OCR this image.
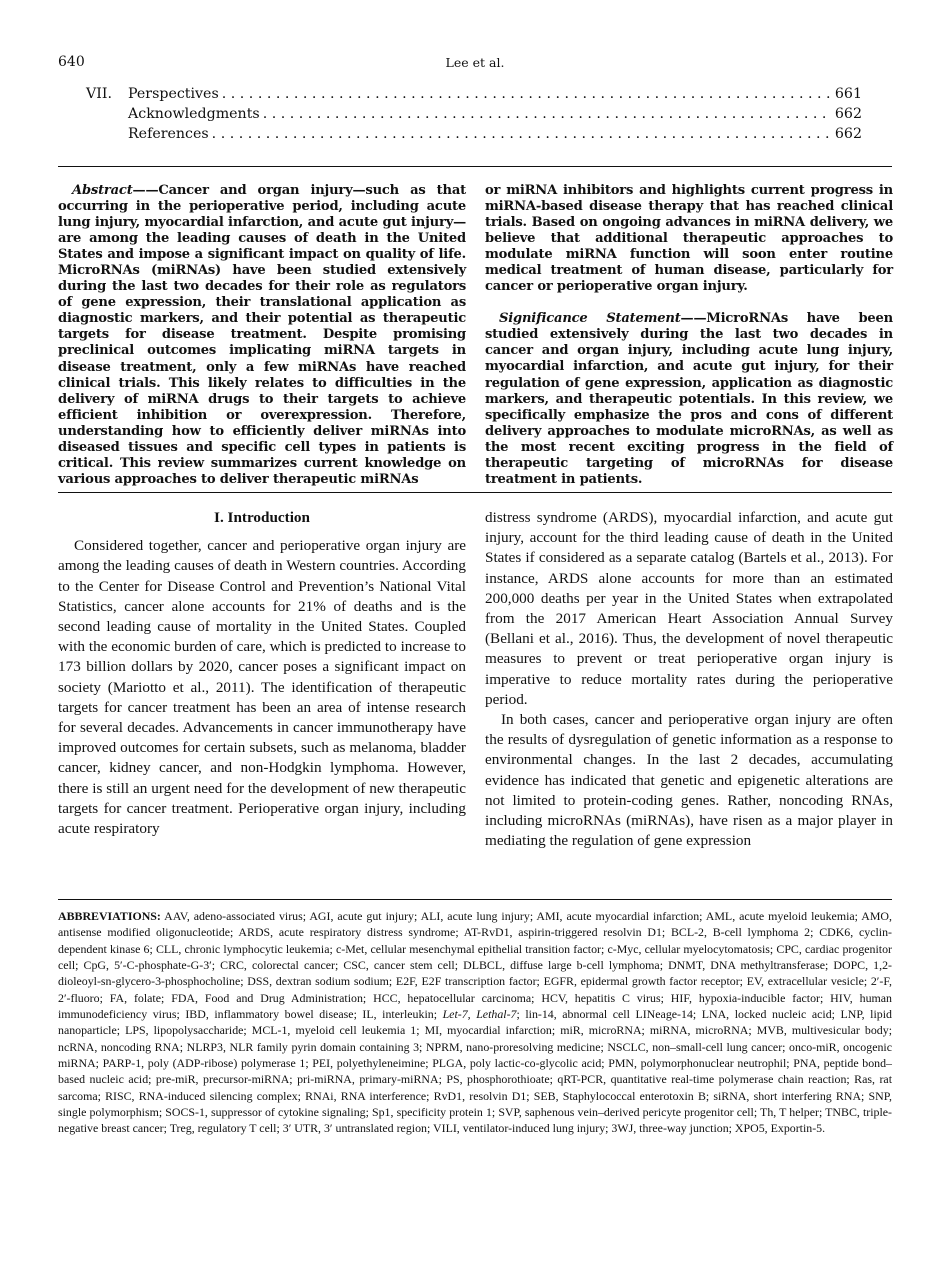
640	Lee et al.
VII.	Perspectives . . .	661
Acknowledgments . . .	662
References . . .	662

Abstract——Cancer and organ injury—such as that occurring in the perioperative period, including acute lung injury, myocardial infarction, and acute gut injury—are among the leading causes of death in the United States and impose a significant impact on quality of life. MicroRNAs (miRNAs) have been studied extensively during the last two decades for their role as regulators of gene expression, their translational application as diagnostic markers, and their potential as therapeutic targets for disease treatment. Despite promising preclinical outcomes implicating miRNA targets in disease treatment, only a few miRNAs have reached clinical trials. This likely relates to difficulties in the delivery of miRNA drugs to their targets to achieve efficient inhibition or overexpression. Therefore, understanding how to efficiently deliver miRNAs into diseased tissues and specific cell types in patients is critical. This review summarizes current knowledge on various approaches to deliver therapeutic miRNAs

or miRNA inhibitors and highlights current progress in miRNA-based disease therapy that has reached clinical trials. Based on ongoing advances in miRNA delivery, we believe that additional therapeutic approaches to modulate miRNA function will soon enter routine medical treatment of human disease, particularly for cancer or perioperative organ injury.

Significance Statement——MicroRNAs have been studied extensively during the last two decades in cancer and organ injury, including acute lung injury, myocardial infarction, and acute gut injury, for their regulation of gene expression, application as diagnostic markers, and therapeutic potentials. In this review, we specifically emphasize the pros and cons of different delivery approaches to modulate microRNAs, as well as the most recent exciting progress in the field of therapeutic targeting of microRNAs for disease treatment in patients.

I. Introduction

Considered together, cancer and perioperative organ injury are among the leading causes of death in Western countries. According to the Center for Disease Control and Prevention’s National Vital Statistics, cancer alone accounts for 21% of deaths and is the second leading cause of mortality in the United States. Coupled with the economic burden of care, which is predicted to increase to 173 billion dollars by 2020, cancer poses a significant impact on society (Mariotto et al., 2011). The identification of therapeutic targets for cancer treatment has been an area of intense research for several decades. Advancements in cancer immunotherapy have improved outcomes for certain subsets, such as melanoma, bladder cancer, kidney cancer, and non-Hodgkin lymphoma. However, there is still an urgent need for the development of new therapeutic targets for cancer treatment. Perioperative organ injury, including acute respiratory

distress syndrome (ARDS), myocardial infarction, and acute gut injury, account for the third leading cause of death in the United States if considered as a separate catalog (Bartels et al., 2013). For instance, ARDS alone accounts for more than an estimated 200,000 deaths per year in the United States when extrapolated from the 2017 American Heart Association Annual Survey (Bellani et al., 2016). Thus, the development of novel therapeutic measures to prevent or treat perioperative organ injury is imperative to reduce mortality rates during the perioperative period.

In both cases, cancer and perioperative organ injury are often the results of dysregulation of genetic information as a response to environmental changes. In the last 2 decades, accumulating evidence has indicated that genetic and epigenetic alterations are not limited to protein-coding genes. Rather, noncoding RNAs, including microRNAs (miRNAs), have risen as a major player in mediating the regulation of gene expression

ABBREVIATIONS: AAV, adeno-associated virus; AGI, acute gut injury; ALI, acute lung injury; AMI, acute myocardial infarction; AML, acute myeloid leukemia; AMO, antisense modified oligonucleotide; ARDS, acute respiratory distress syndrome; AT-RvD1, aspirin-triggered resolvin D1; BCL-2, B-cell lymphoma 2; CDK6, cyclin-dependent kinase 6; CLL, chronic lymphocytic leukemia; c-Met, cellular mesenchymal epithelial transition factor; c-Myc, cellular myelocytomatosis; CPC, cardiac progenitor cell; CpG, 5′-C-phosphate-G-3′; CRC, colorectal cancer; CSC, cancer stem cell; DLBCL, diffuse large b-cell lymphoma; DNMT, DNA methyltransferase; DOPC, 1,2-dioleoyl-sn-glycero-3-phosphocholine; DSS, dextran sodium sodium; E2F, E2F transcription factor; EGFR, epidermal growth factor receptor; EV, extracellular vesicle; 2′-F, 2′-fluoro; FA, folate; FDA, Food and Drug Administration; HCC, hepatocellular carcinoma; HCV, hepatitis C virus; HIF, hypoxia-inducible factor; HIV, human immunodeficiency virus; IBD, inflammatory bowel disease; IL, interleukin; Let-7, Lethal-7; lin-14, abnormal cell LINeage-14; LNA, locked nucleic acid; LNP, lipid nanoparticle; LPS, lipopolysaccharide; MCL-1, myeloid cell leukemia 1; MI, myocardial infarction; miR, microRNA; miRNA, microRNA; MVB, multivesicular body; ncRNA, noncoding RNA; NLRP3, NLR family pyrin domain containing 3; NPRM, nano-proresolving medicine; NSCLC, non–small-cell lung cancer; onco-miR, oncogenic miRNA; PARP-1, poly (ADP-ribose) polymerase 1; PEI, polyethyleneimine; PLGA, poly lactic-co-glycolic acid; PMN, polymorphonuclear neutrophil; PNA, peptide bond–based nucleic acid; pre-miR, precursor-miRNA; pri-miRNA, primary-miRNA; PS, phosphorothioate; qRT-PCR, quantitative real-time polymerase chain reaction; Ras, rat sarcoma; RISC, RNA-induced silencing complex; RNAi, RNA interference; RvD1, resolvin D1; SEB, Staphylococcal enterotoxin B; siRNA, short interfering RNA; SNP, single polymorphism; SOCS-1, suppressor of cytokine signaling; Sp1, specificity protein 1; SVP, saphenous vein–derived pericyte progenitor cell; Th, T helper; TNBC, triple-negative breast cancer; Treg, regulatory T cell; 3′ UTR, 3′ untranslated region; VILI, ventilator-induced lung injury; 3WJ, three-way junction; XPO5, Exportin-5.
